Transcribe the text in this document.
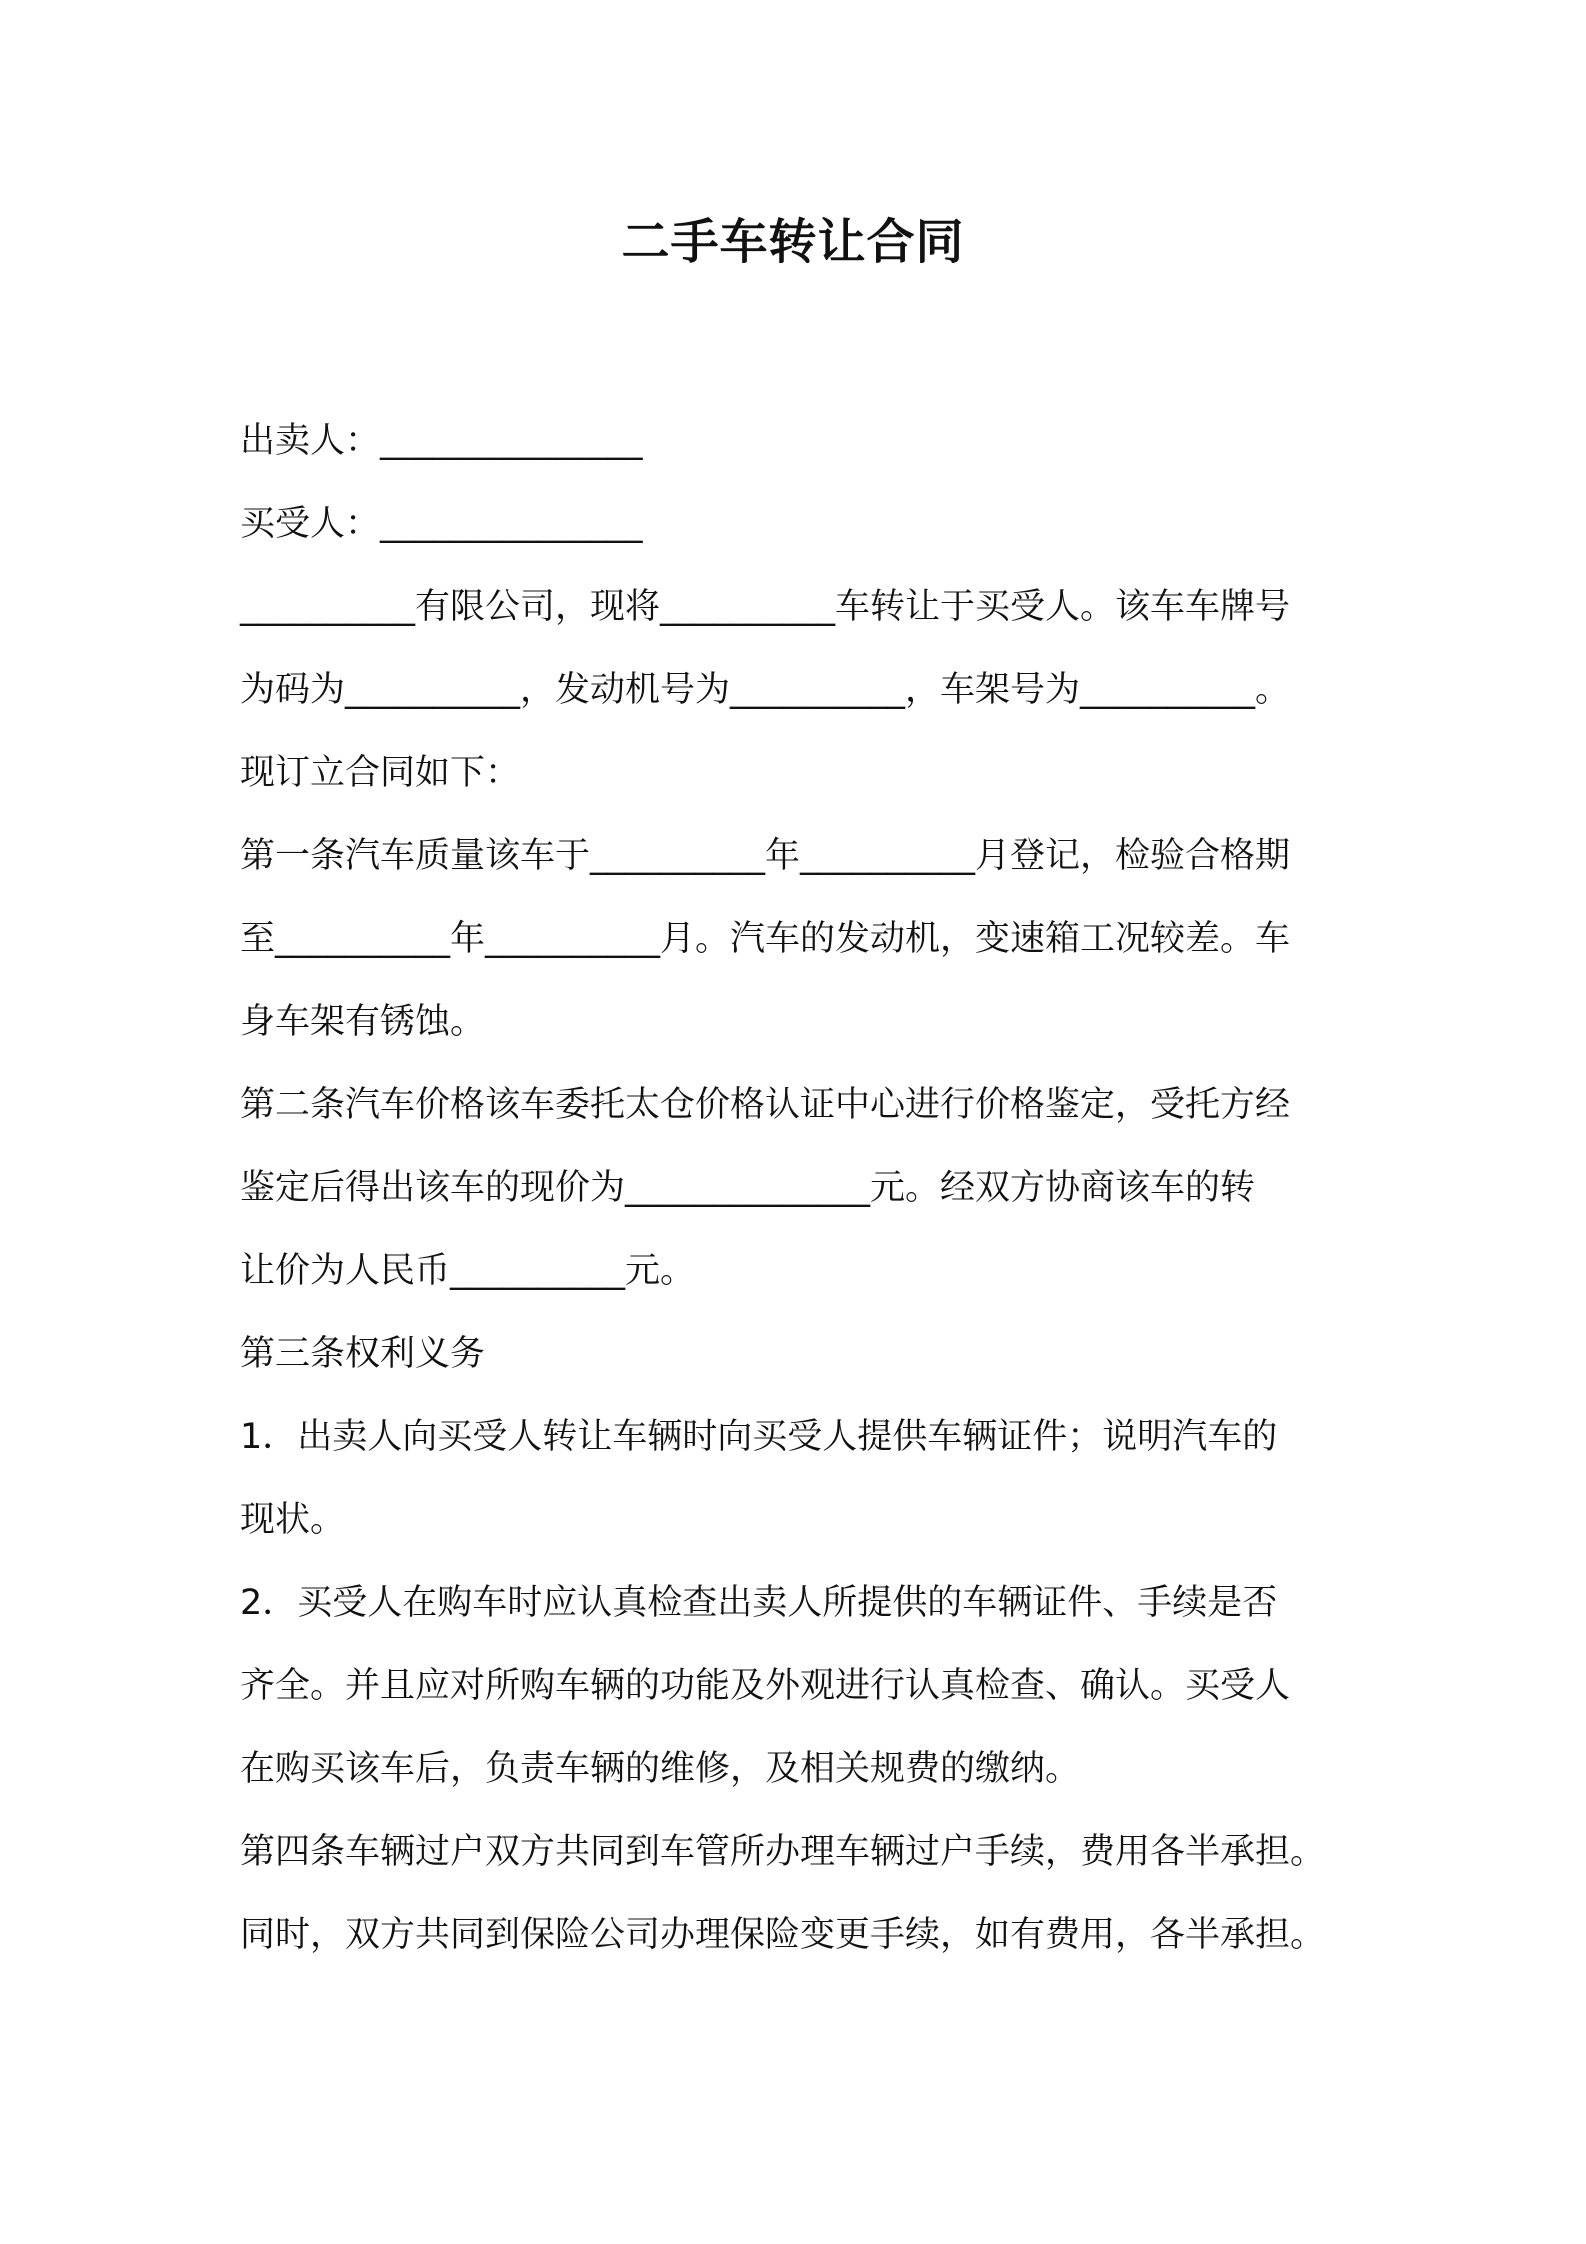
二手车转让合同
出卖人：_______________
买受人：_______________
__________有限公司，现将__________车转让于买受人。该车车牌号
为码为__________，发动机号为__________，车架号为__________。
现订立合同如下：
第一条汽车质量该车于__________年__________月登记，检验合格期
至__________年__________月。汽车的发动机，变速箱工况较差。车
身车架有锈蚀。
第二条汽车价格该车委托太仓价格认证中心进行价格鉴定，受托方经
鉴定后得出该车的现价为______________元。经双方协商该车的转
让价为人民币__________元。
第三条权利义务
1．出卖人向买受人转让车辆时向买受人提供车辆证件；说明汽车的
现状。
2．买受人在购车时应认真检查出卖人所提供的车辆证件、手续是否
齐全。并且应对所购车辆的功能及外观进行认真检查、确认。买受人
在购买该车后，负责车辆的维修，及相关规费的缴纳。
第四条车辆过户双方共同到车管所办理车辆过户手续，费用各半承担。
同时，双方共同到保险公司办理保险变更手续，如有费用，各半承担。
